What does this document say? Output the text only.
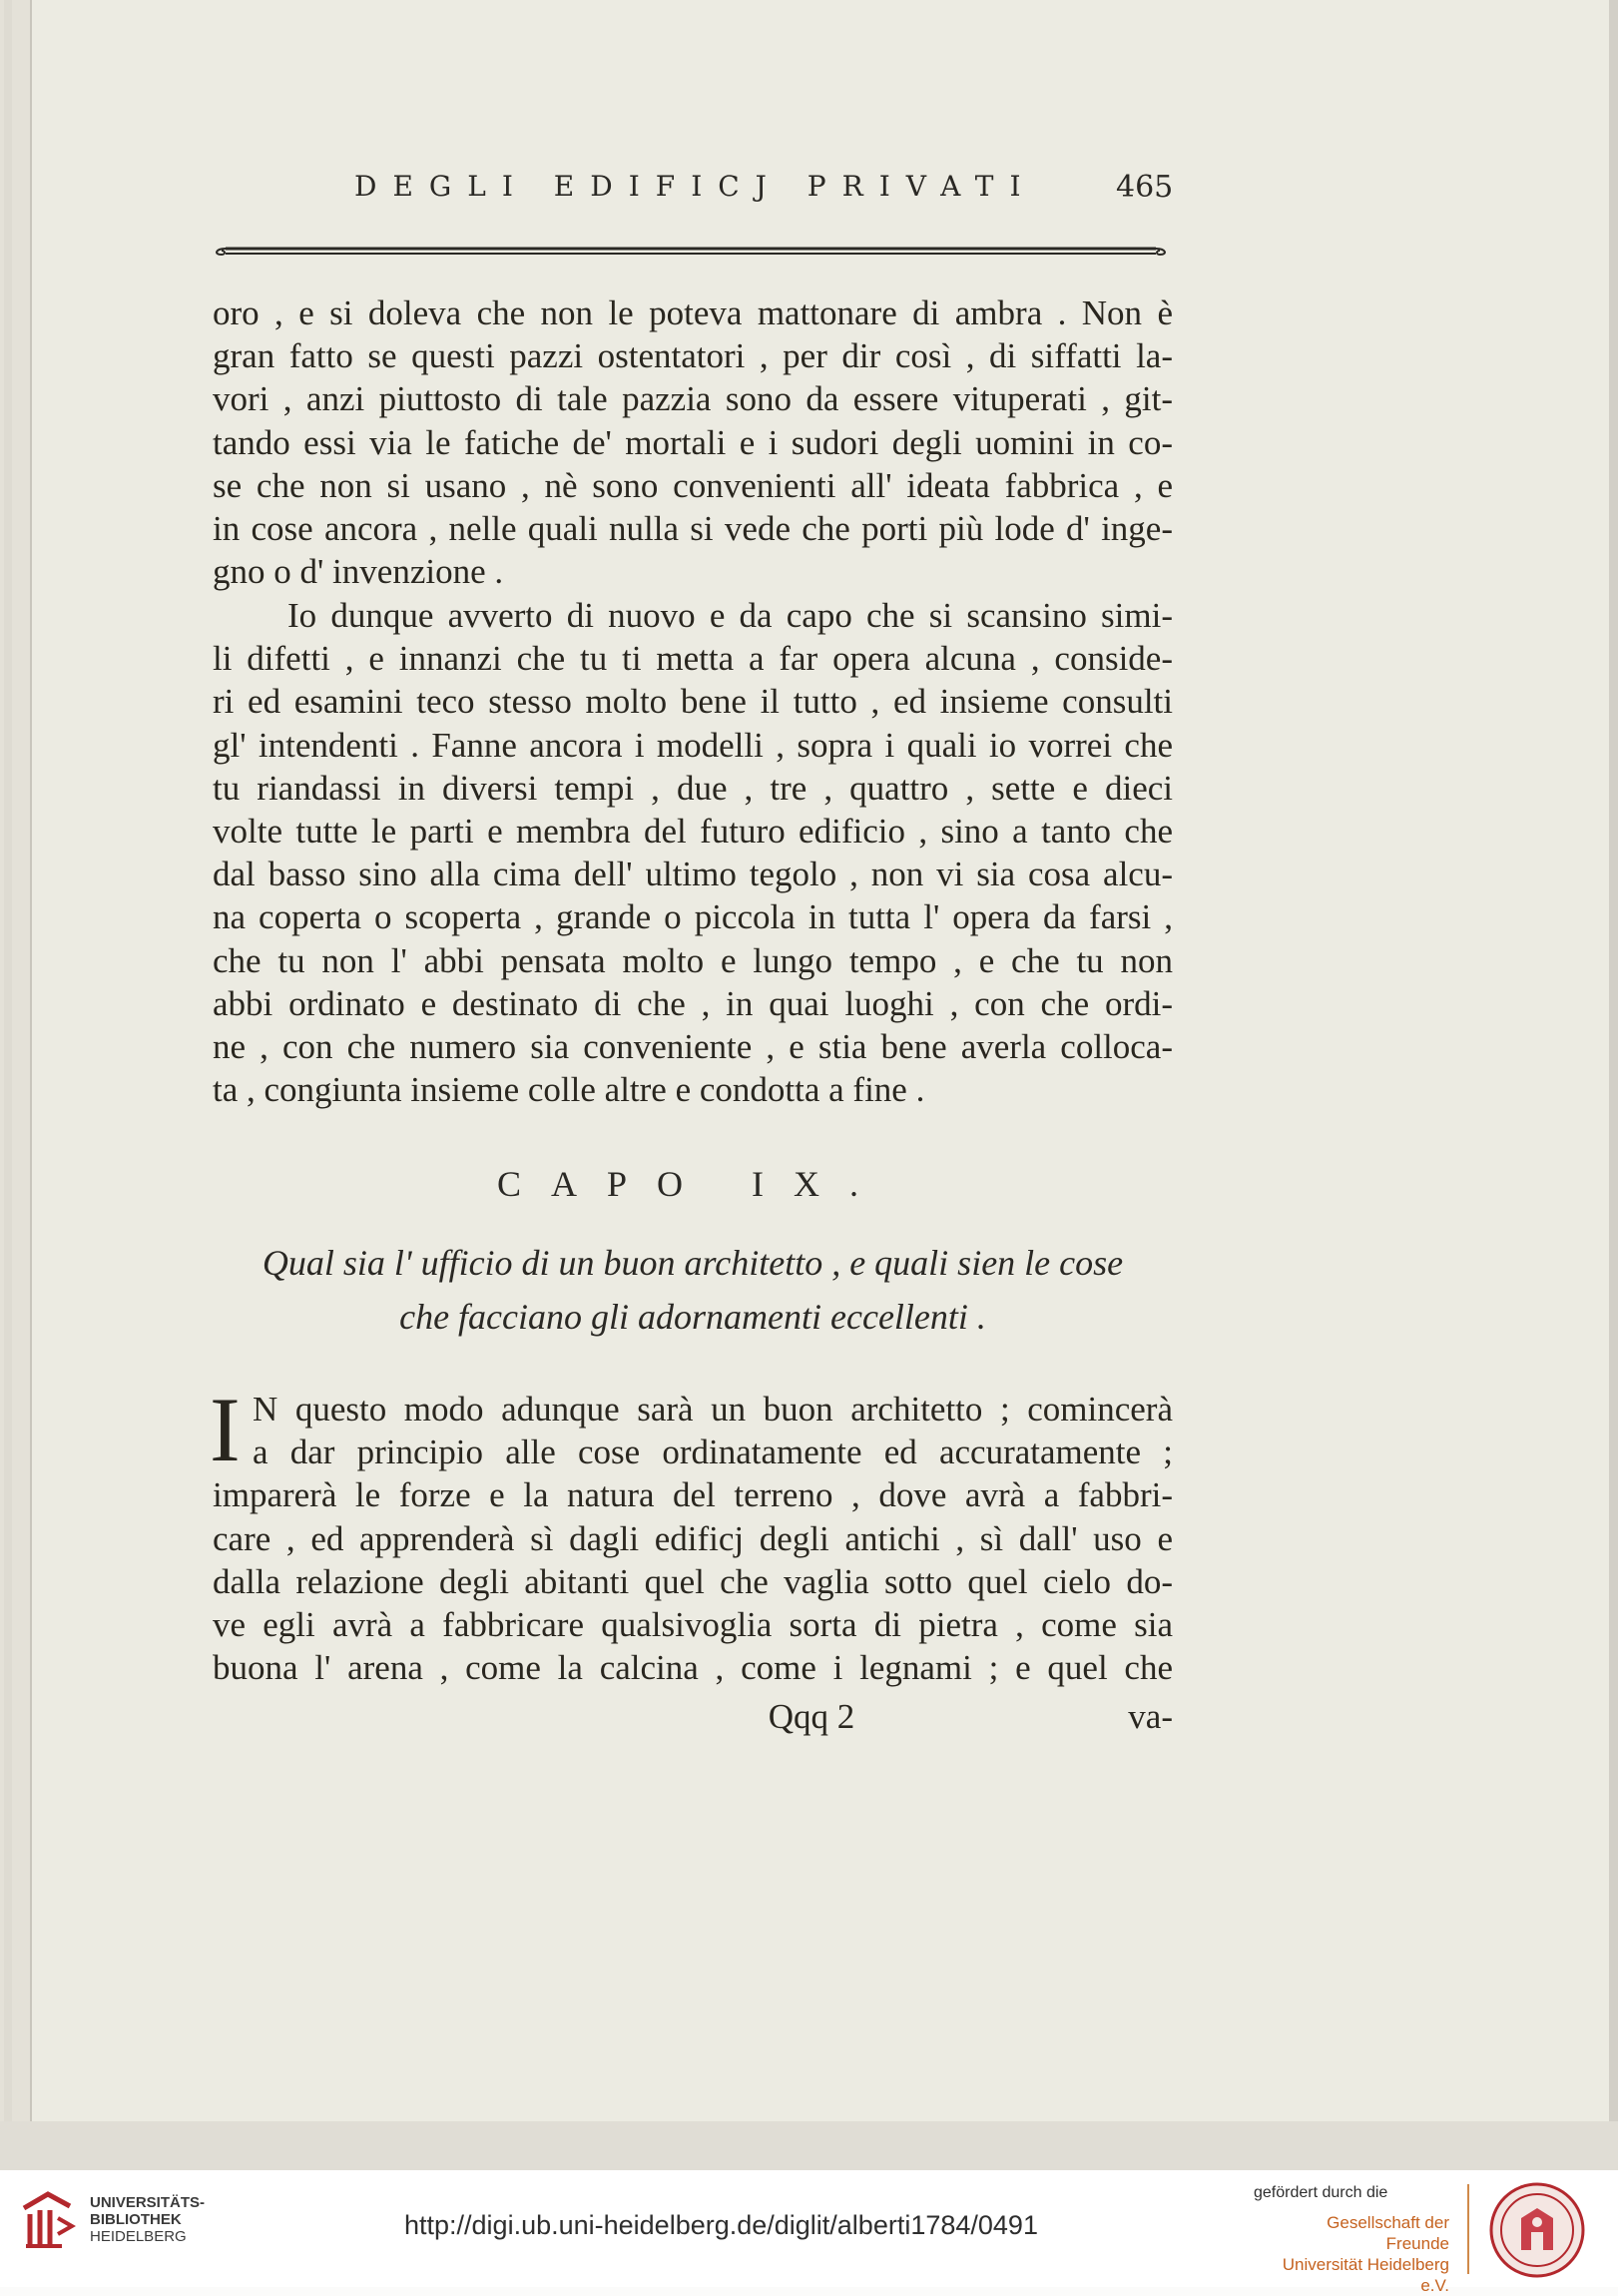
DEGLI EDIFICJ PRIVATI	465
oro , e si doleva che non le poteva mattonare di ambra . Non è
gran fatto se questi pazzi ostentatori , per dir così , di siffatti la-
vori , anzi piuttosto di tale pazzia sono da essere vituperati , git-
tando essi via le fatiche de' mortali e i sudori degli uomini in co-
se che non si usano , nè sono convenienti all' ideata fabbrica , e
in cose ancora , nelle quali nulla si vede che porti più lode d' inge-
gno o d' invenzione .
Io dunque avverto di nuovo e da capo che si scansino simi-
li difetti , e innanzi che tu ti metta a far opera alcuna , conside-
ri ed esamini teco stesso molto bene il tutto , ed insieme consulti
gl' intendenti . Fanne ancora i modelli , sopra i quali io vorrei che
tu riandassi in diversi tempi , due , tre , quattro , sette e dieci
volte tutte le parti e membra del futuro edificio , sino a tanto che
dal basso sino alla cima dell' ultimo tegolo , non vi sia cosa alcu-
na coperta o scoperta , grande o piccola in tutta l' opera da farsi ,
che tu non l' abbi pensata molto e lungo tempo , e che tu non
abbi ordinato e destinato di che , in quai luoghi , con che ordi-
ne , con che numero sia conveniente , e stia bene averla colloca-
ta , congiunta insieme colle altre e condotta a fine .
CAPO IX.
Qual sia l' ufficio di un buon architetto , e quali sien le cose
che facciano gli adornamenti eccellenti .
I N questo modo adunque sarà un buon architetto ; comincerà
a dar principio alle cose ordinatamente ed accuratamente ;
imparerà le forze e la natura del terreno , dove avrà a fabbri-
care , ed apprenderà sì dagli edificj degli antichi , sì dall' uso e
dalla relazione degli abitanti quel che vaglia sotto quel cielo do-
ve egli avrà a fabbricare qualsivoglia sorta di pietra , come sia
buona l' arena , come la calcina , come i legnami ; e quel che
Qqq 2	va-
UNIVERSITÄTS-
BIBLIOTHEK
HEIDELBERG	http://digi.ub.uni-heidelberg.de/diglit/alberti1784/0491
gefördert durch die
Gesellschaft der Freunde
Universität Heidelberg e.V.
